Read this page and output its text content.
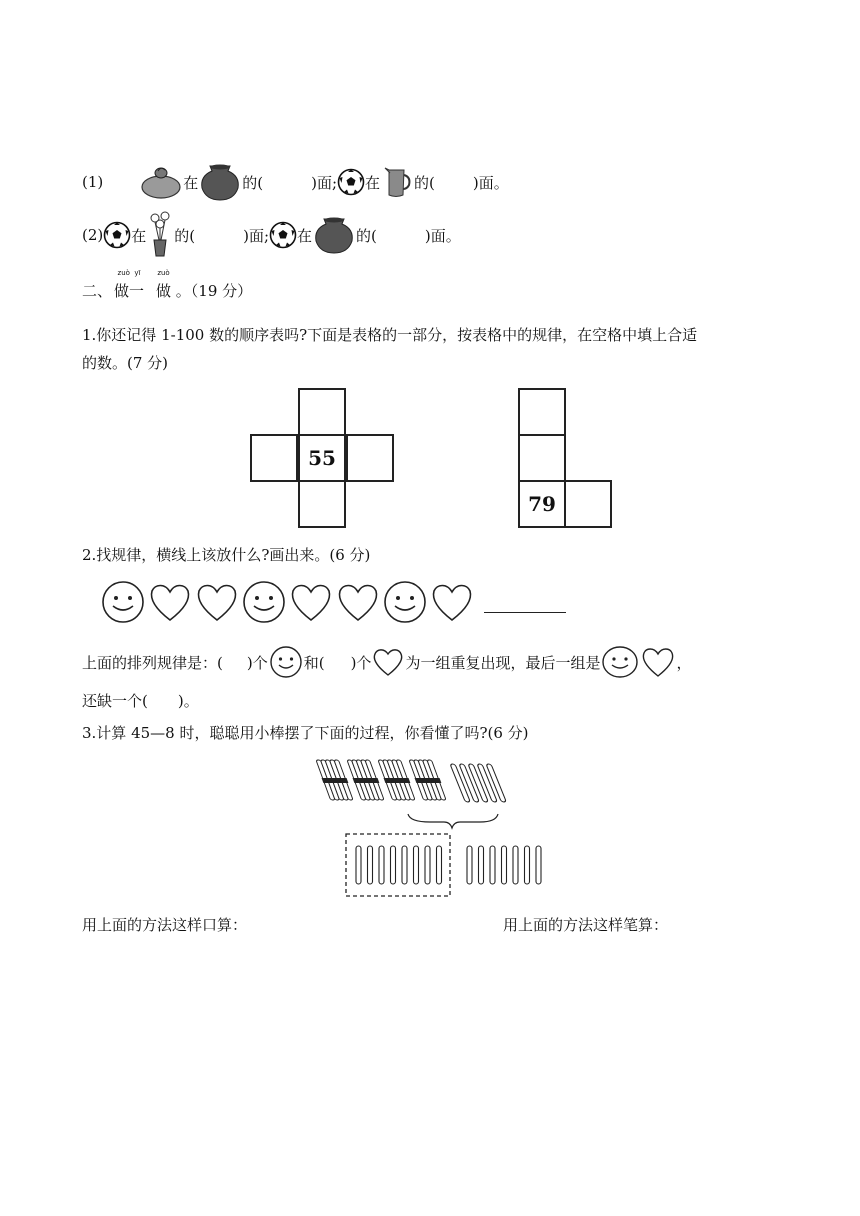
(1)	在	的(	)面; 在 的(	)面。
(2) 在 的(	)面; 在	的(	)面。
二、
zuò yī
做一
zuò
做 。（19 分）
1.你还记得 1-100 数的顺序表吗?下面是表格的一部分，按表格中的规律，在空格中填上合适
的数。(7 分)
55
79
2.找规律，横线上该放什么?画出来。(6 分)
上面的排列规律是：( )个 和( )个 为一组重复出现，最后一组是	，
还缺一个(　　)。
3.计算 45—8 时，聪聪用小棒摆了下面的过程，你看懂了吗?(6 分)
用上面的方法这样口算：	用上面的方法这样笔算：
